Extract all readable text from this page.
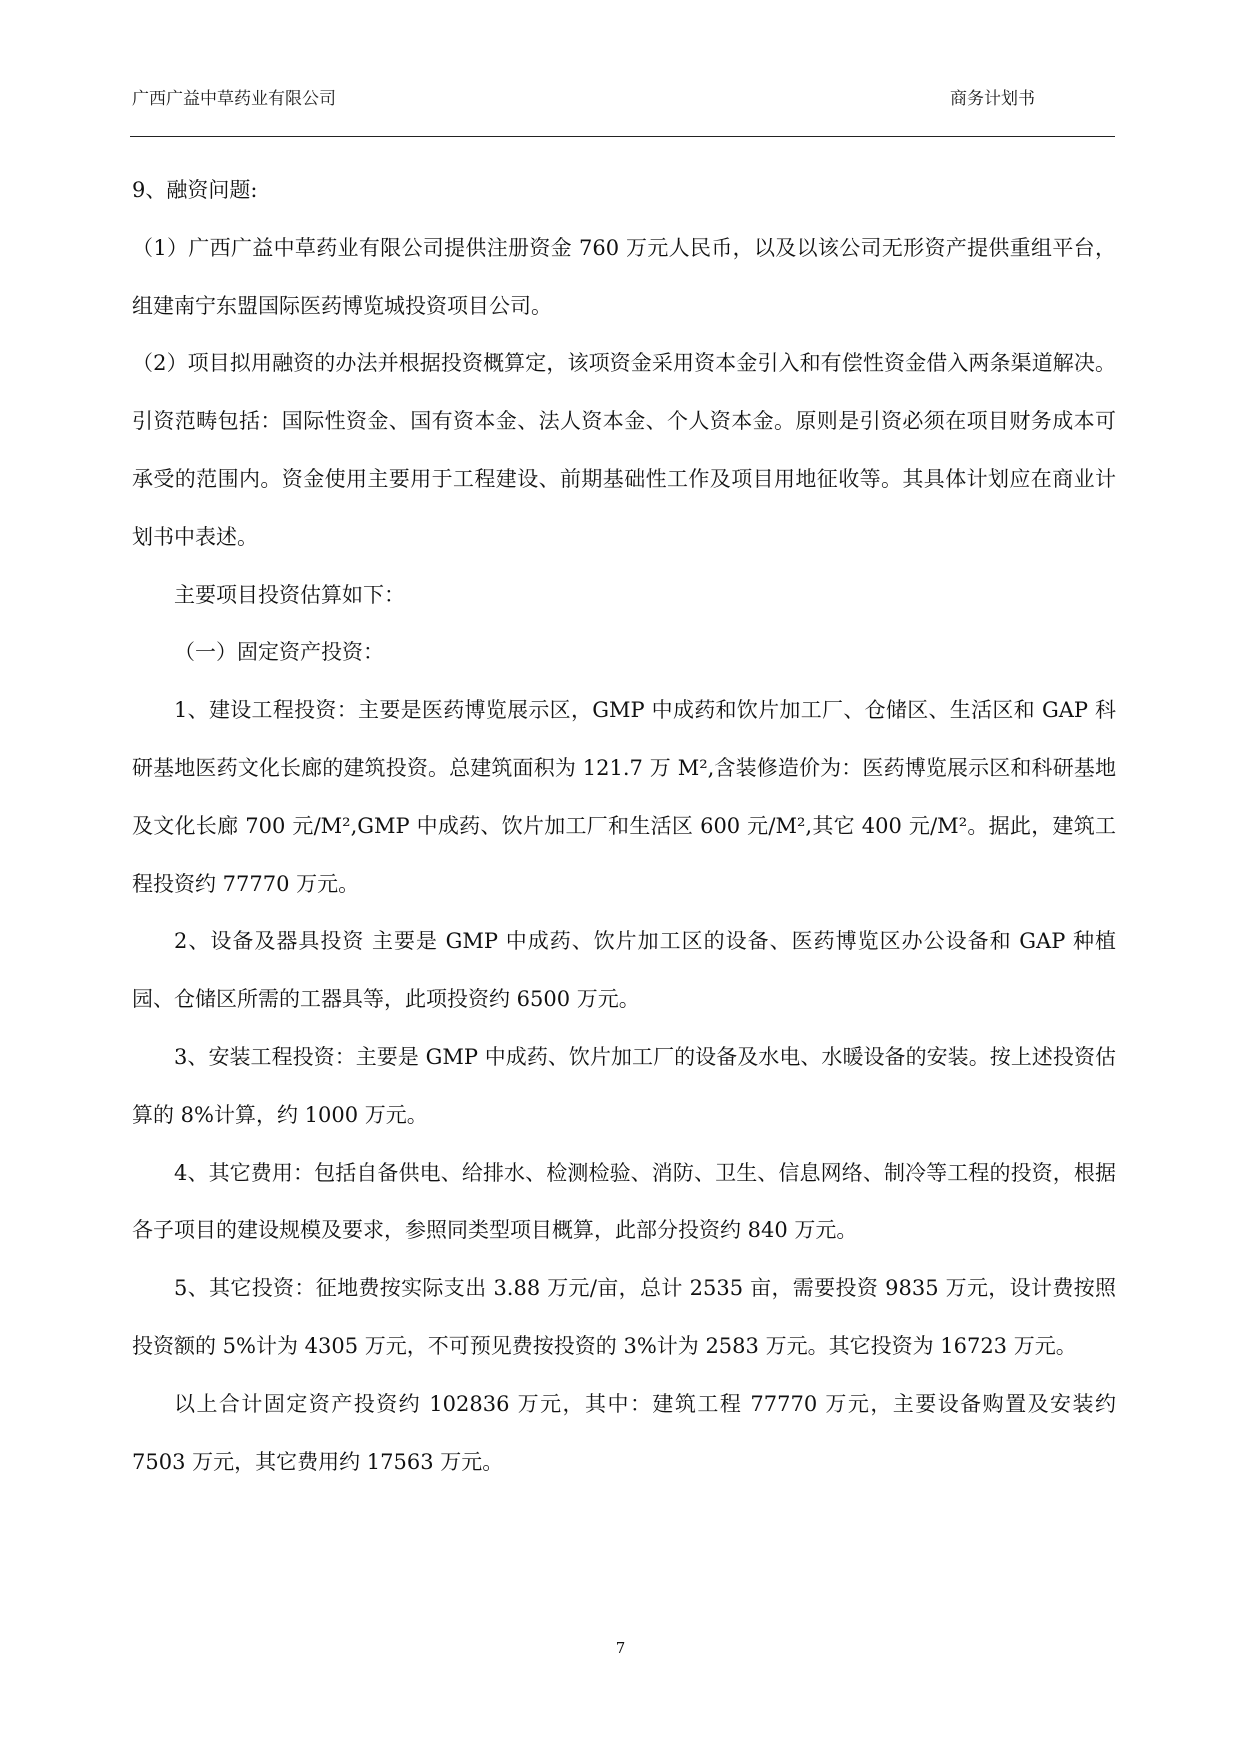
广西广益中草药业有限公司	商务计划书

9、融资问题:

（1）广西广益中草药业有限公司提供注册资金 760 万元人民币，以及以该公司无形资产提供重组平台，组建南宁东盟国际医药博览城投资项目公司。

（2）项目拟用融资的办法并根据投资概算定，该项资金采用资本金引入和有偿性资金借入两条渠道解决。引资范畴包括：国际性资金、国有资本金、法人资本金、个人资本金。原则是引资必须在项目财务成本可承受的范围内。资金使用主要用于工程建设、前期基础性工作及项目用地征收等。其具体计划应在商业计划书中表述。

主要项目投资估算如下：

（一）固定资产投资：

1、建设工程投资：主要是医药博览展示区，GMP 中成药和饮片加工厂、仓储区、生活区和 GAP 科研基地医药文化长廊的建筑投资。总建筑面积为 121.7 万 M²,含装修造价为：医药博览展示区和科研基地及文化长廊 700 元/M²,GMP 中成药、饮片加工厂和生活区 600 元/M²,其它 400 元/M²。据此，建筑工程投资约 77770 万元。

2、设备及器具投资 主要是 GMP 中成药、饮片加工区的设备、医药博览区办公设备和 GAP 种植园、仓储区所需的工器具等，此项投资约 6500 万元。

3、安装工程投资：主要是 GMP 中成药、饮片加工厂的设备及水电、水暖设备的安装。按上述投资估算的 8%计算，约 1000 万元。

4、其它费用：包括自备供电、给排水、检测检验、消防、卫生、信息网络、制冷等工程的投资，根据各子项目的建设规模及要求，参照同类型项目概算，此部分投资约 840 万元。

5、其它投资：征地费按实际支出 3.88 万元/亩，总计 2535 亩，需要投资 9835 万元，设计费按照投资额的 5%计为 4305 万元，不可预见费按投资的 3%计为 2583 万元。其它投资为 16723 万元。

以上合计固定资产投资约 102836 万元，其中：建筑工程 77770 万元，主要设备购置及安装约 7503 万元，其它费用约 17563 万元。

7
